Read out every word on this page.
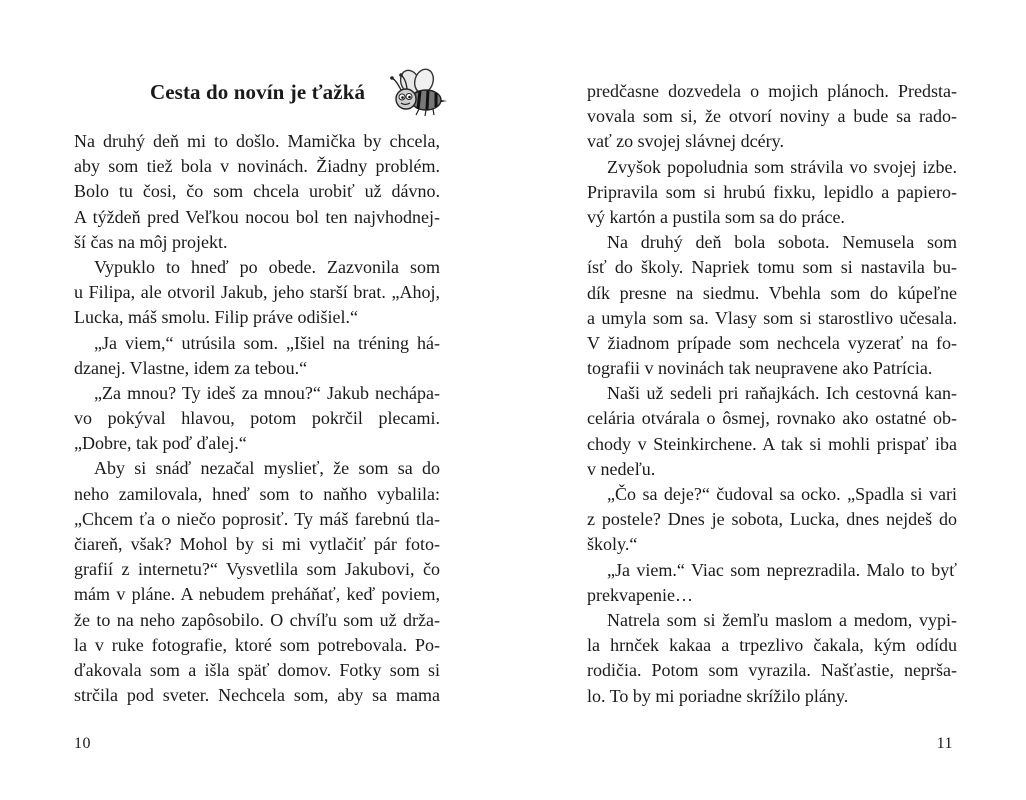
Cesta do novín je ťažká
Na druhý deň mi to došlo. Mamička by chcela,
aby som tiež bola v novinách. Žiadny problém.
Bolo tu čosi, čo som chcela urobiť už dávno.
A týždeň pred Veľkou nocou bol ten najvhodnej-
ší čas na môj projekt.
Vypuklo to hneď po obede. Zazvonila som
u Filipa, ale otvoril Jakub, jeho starší brat. „Ahoj,
Lucka, máš smolu. Filip práve odišiel.“
„Ja viem,“ utrúsila som. „Išiel na tréning há-
dzanej. Vlastne, idem za tebou.“
„Za mnou? Ty ideš za mnou?“ Jakub nechápa-
vo pokýval hlavou, potom pokrčil plecami.
„Dobre, tak poď ďalej.“
Aby si snáď nezačal myslieť, že som sa do
neho zamilovala, hneď som to naňho vybalila:
„Chcem ťa o niečo poprosiť. Ty máš farebnú tla-
čiareň, však? Mohol by si mi vytlačiť pár foto-
grafií z internetu?“ Vysvetlila som Jakubovi, čo
mám v pláne. A nebudem preháňať, keď poviem,
že to na neho zapôsobilo. O chvíľu som už drža-
la v ruke fotografie, ktoré som potrebovala. Po-
ďakovala som a išla späť domov. Fotky som si
strčila pod sveter. Nechcela som, aby sa mama
10
predčasne dozvedela o mojich plánoch. Predsta-
vovala som si, že otvorí noviny a bude sa rado-
vať zo svojej slávnej dcéry.
Zvyšok popoludnia som strávila vo svojej izbe.
Pripravila som si hrubú fixku, lepidlo a papiero-
vý kartón a pustila som sa do práce.
Na druhý deň bola sobota. Nemusela som
ísť do školy. Napriek tomu som si nastavila bu-
dík presne na siedmu. Vbehla som do kúpeľne
a umyla som sa. Vlasy som si starostlivo učesala.
V žiadnom prípade som nechcela vyzerať na fo-
tografii v novinách tak neupravene ako Patrícia.
Naši už sedeli pri raňajkách. Ich cestovná kan-
celária otvárala o ôsmej, rovnako ako ostatné ob-
chody v Steinkirchene. A tak si mohli prispať iba
v nedeľu.
„Čo sa deje?“ čudoval sa ocko. „Spadla si vari
z postele? Dnes je sobota, Lucka, dnes nejdeš do
školy.“
„Ja viem.“ Viac som neprezradila. Malo to byť
prekvapenie…
Natrela som si žemľu maslom a medom, vypi-
la hrnček kakaa a trpezlivo čakala, kým odídu
rodičia. Potom som vyrazila. Našťastie, neprša-
lo. To by mi poriadne skrížilo plány.
11
